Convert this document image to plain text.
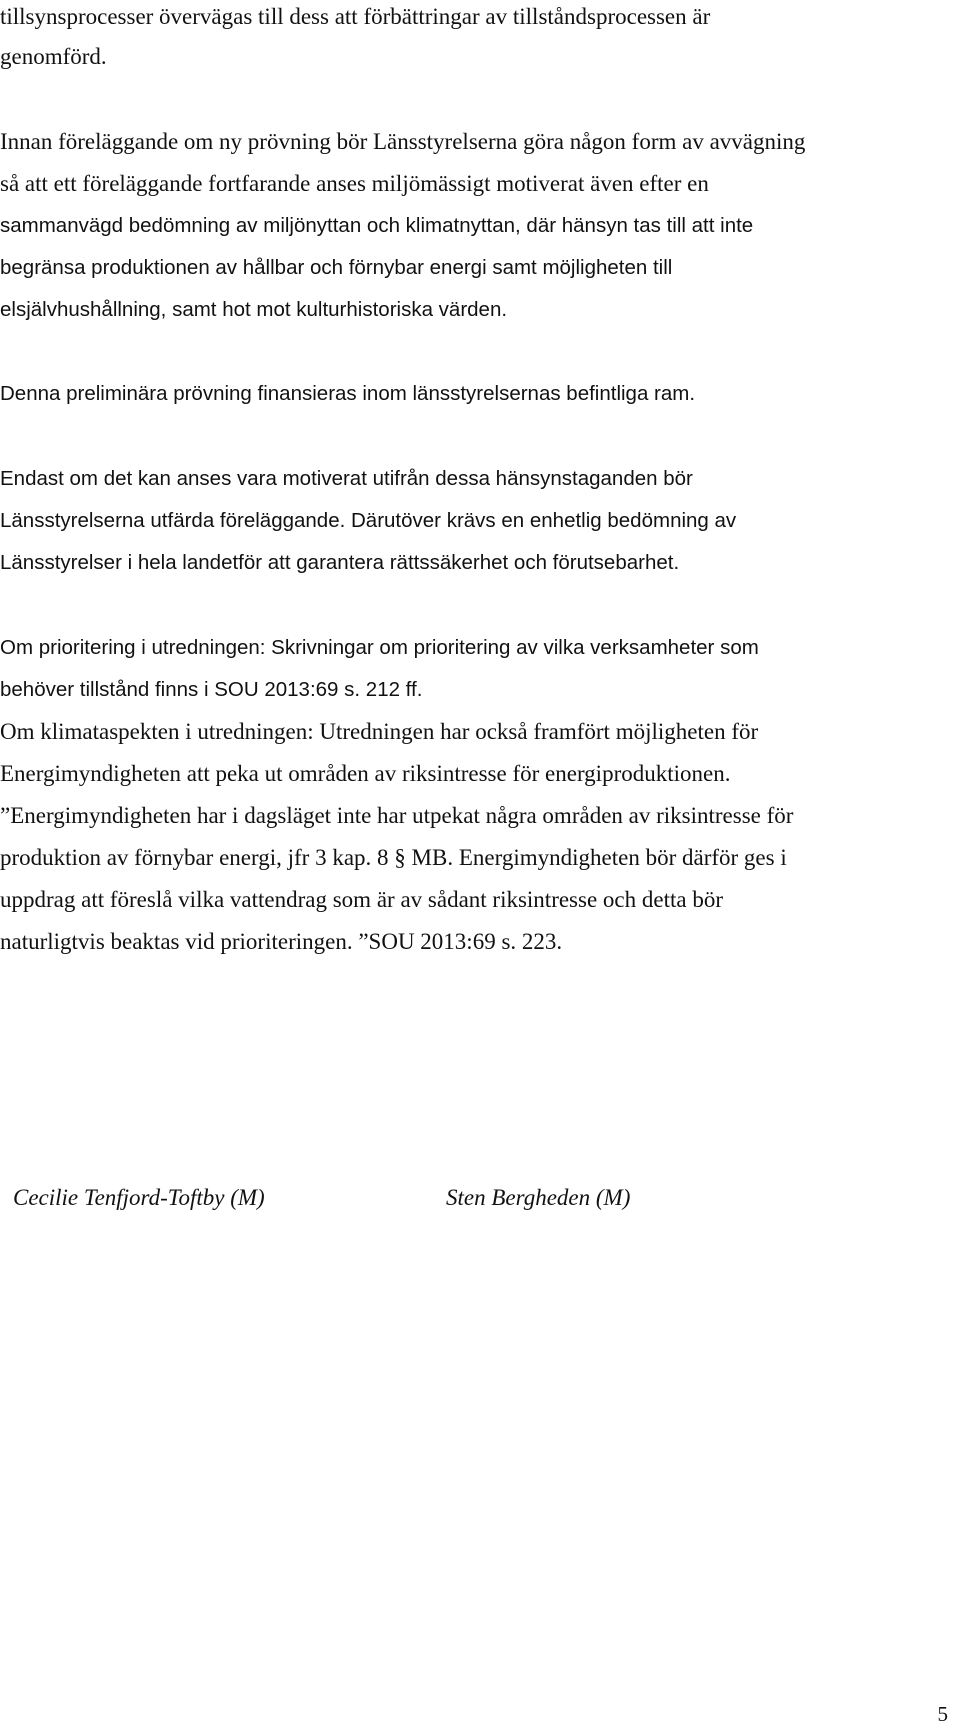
tillsynsprocesser övervägas till dess att förbättringar av tillståndsprocessen är
genomförd.
Innan föreläggande om ny prövning bör Länsstyrelserna göra någon form av avvägning
så att ett föreläggande fortfarande anses miljömässigt motiverat även efter en
sammanvägd bedömning av miljönyttan och klimatnyttan, där hänsyn tas till att inte
begränsa produktionen av hållbar och förnybar energi samt möjligheten till
elsjälvhushållning, samt hot mot kulturhistoriska värden.
Denna preliminära prövning finansieras inom länsstyrelsernas befintliga ram.
Endast om det kan anses vara motiverat utifrån dessa hänsynstaganden bör
Länsstyrelserna utfärda föreläggande. Därutöver krävs en enhetlig bedömning av
Länsstyrelser i hela landetför att garantera rättssäkerhet och förutsebarhet.
Om prioritering i utredningen: Skrivningar om prioritering av vilka verksamheter som
behöver tillstånd finns i SOU 2013:69 s. 212 ff.
Om klimataspekten i utredningen: Utredningen har också framfört möjligheten för
Energimyndigheten att peka ut områden av riksintresse för energiproduktionen.
”Energimyndigheten har i dagsläget inte har utpekat några områden av riksintresse för
produktion av förnybar energi, jfr 3 kap. 8 § MB. Energimyndigheten bör därför ges i
uppdrag att föreslå vilka vattendrag som är av sådant riksintresse och detta bör
naturligtvis beaktas vid prioriteringen. ”SOU 2013:69 s. 223.
Cecilie Tenfjord-Toftby (M)	Sten Bergheden (M)
5
